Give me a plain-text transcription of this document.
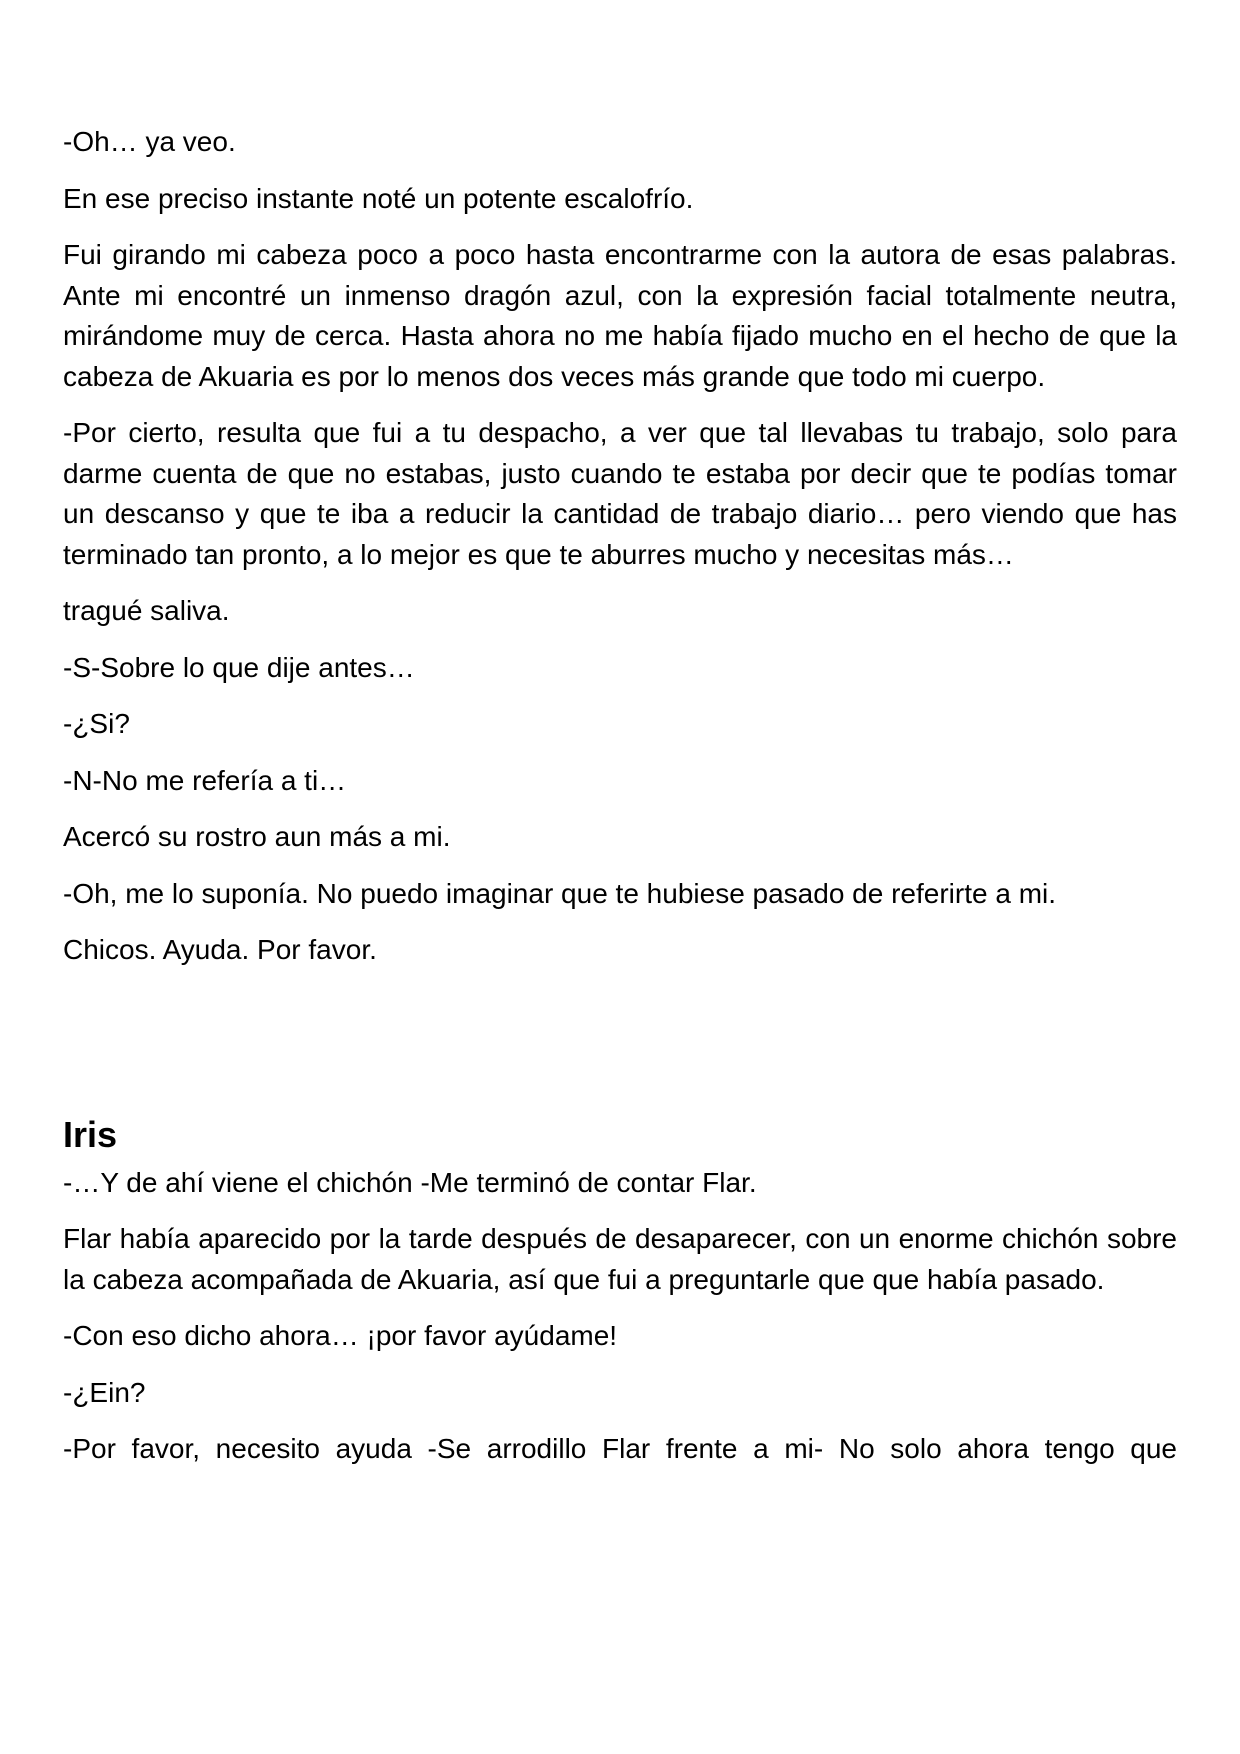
-Oh… ya veo.

En ese preciso instante noté un potente escalofrío.

Fui girando mi cabeza poco a poco hasta encontrarme con la autora de esas palabras. Ante mi encontré un inmenso dragón azul, con la expresión facial totalmente neutra, mirándome muy de cerca. Hasta ahora no me había fijado mucho en el hecho de que la cabeza de Akuaria es por lo menos dos veces más grande que todo mi cuerpo.

-Por cierto, resulta que fui a tu despacho, a ver que tal llevabas tu trabajo, solo para darme cuenta de que no estabas, justo cuando te estaba por decir que te podías tomar un descanso y que te iba a reducir la cantidad de trabajo diario… pero viendo que has terminado tan pronto, a lo mejor es que te aburres mucho y necesitas más…

tragué saliva.

-S-Sobre lo que dije antes…

-¿Si?

-N-No me refería a ti…

Acercó su rostro aun más a mi.

-Oh, me lo suponía. No puedo imaginar que te hubiese pasado de referirte a mi.

Chicos. Ayuda. Por favor.

Iris

-…Y de ahí viene el chichón -Me terminó de contar Flar.

Flar había aparecido por la tarde después de desaparecer, con un enorme chichón sobre la cabeza acompañada de Akuaria, así que fui a preguntarle que que había pasado.

-Con eso dicho ahora… ¡por favor ayúdame!

-¿Ein?

-Por favor, necesito ayuda -Se arrodillo Flar frente a mi- No solo ahora tengo que
